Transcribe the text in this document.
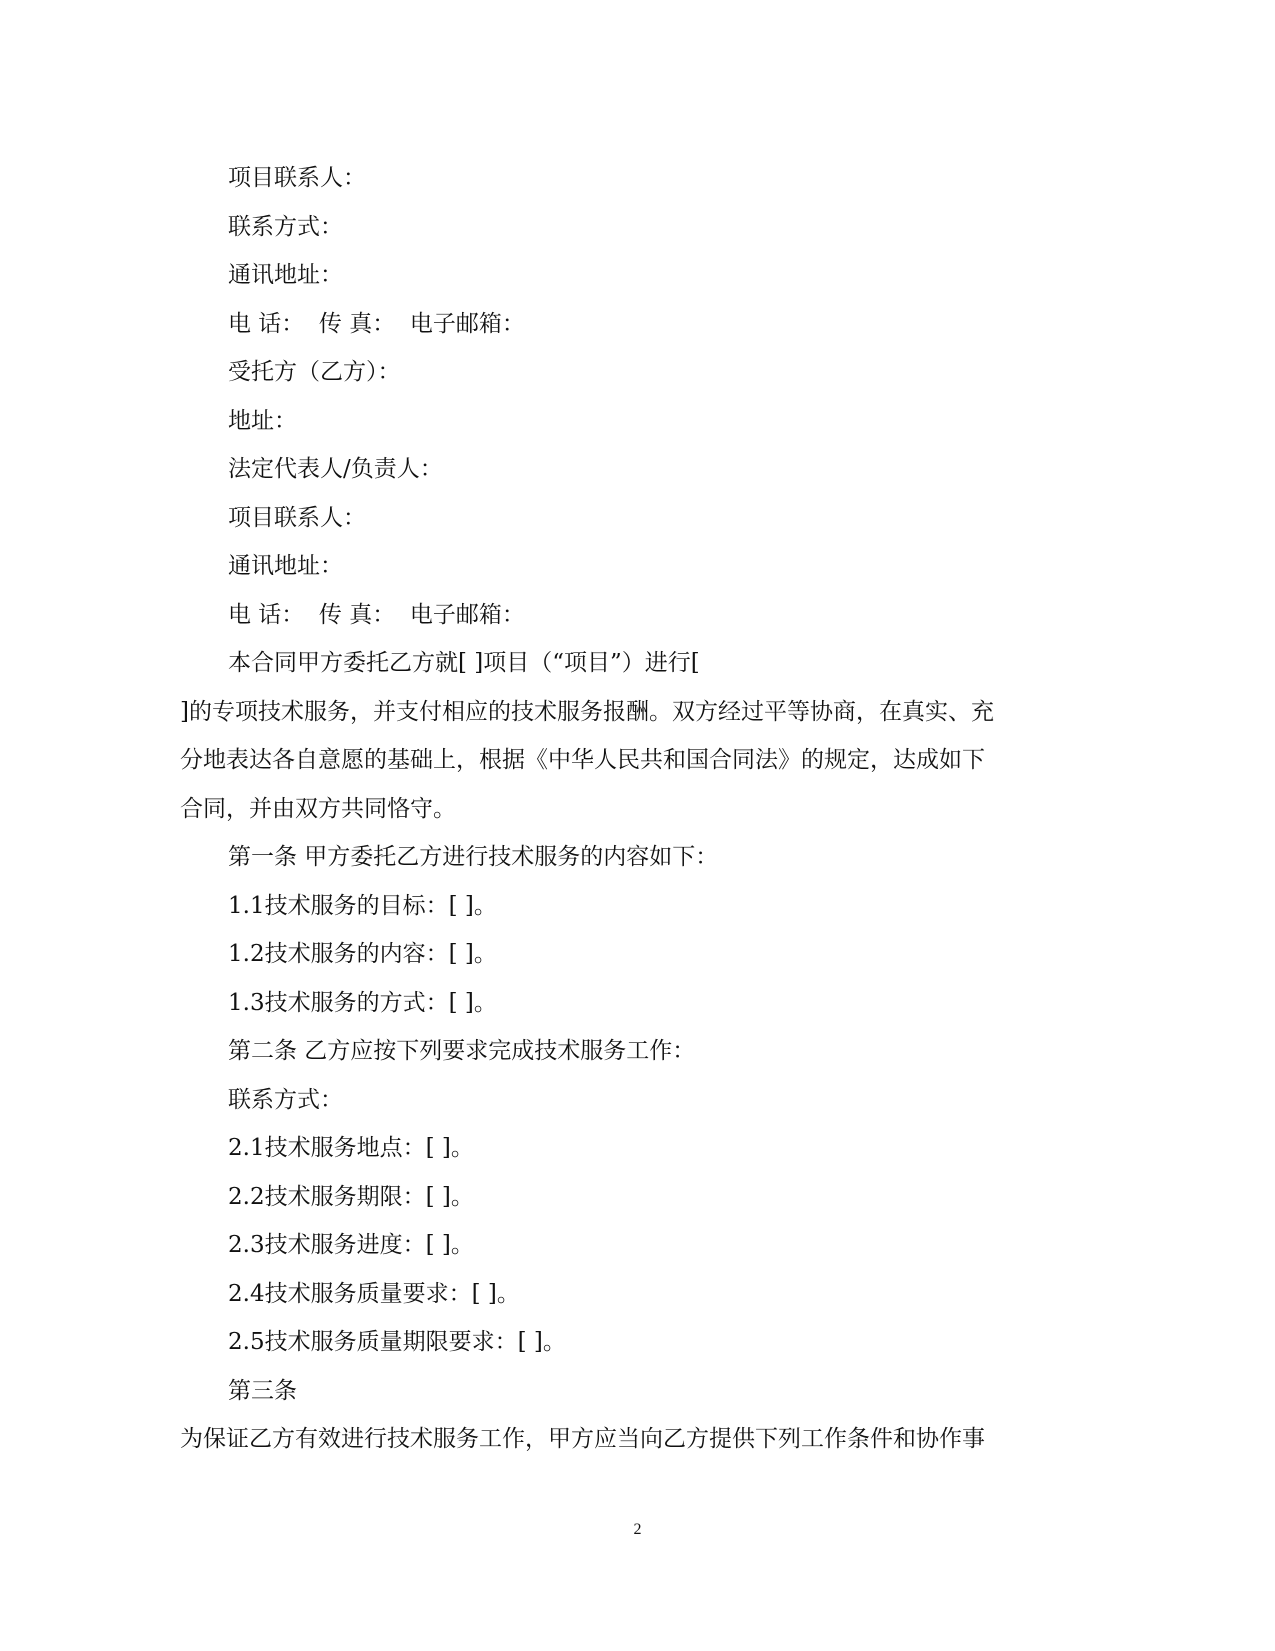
项目联系人：
联系方式：
通讯地址：
电 话：  传 真：  电子邮箱：
受托方（乙方）：
地址：
法定代表人/负责人：
项目联系人：
通讯地址：
电 话：  传 真：  电子邮箱：
本合同甲方委托乙方就[ ]项目（“项目”）进行[
]的专项技术服务，并支付相应的技术服务报酬。双方经过平等协商，在真实、充
分地表达各自意愿的基础上，根据《中华人民共和国合同法》的规定，达成如下
合同，并由双方共同恪守。
第一条 甲方委托乙方进行技术服务的内容如下：
1.1技术服务的目标：[ ]。
1.2技术服务的内容：[ ]。
1.3技术服务的方式：[ ]。
第二条 乙方应按下列要求完成技术服务工作：
联系方式：
2.1技术服务地点：[ ]。
2.2技术服务期限：[ ]。
2.3技术服务进度：[ ]。
2.4技术服务质量要求：[ ]。
2.5技术服务质量期限要求：[ ]。
第三条
为保证乙方有效进行技术服务工作，甲方应当向乙方提供下列工作条件和协作事
2
